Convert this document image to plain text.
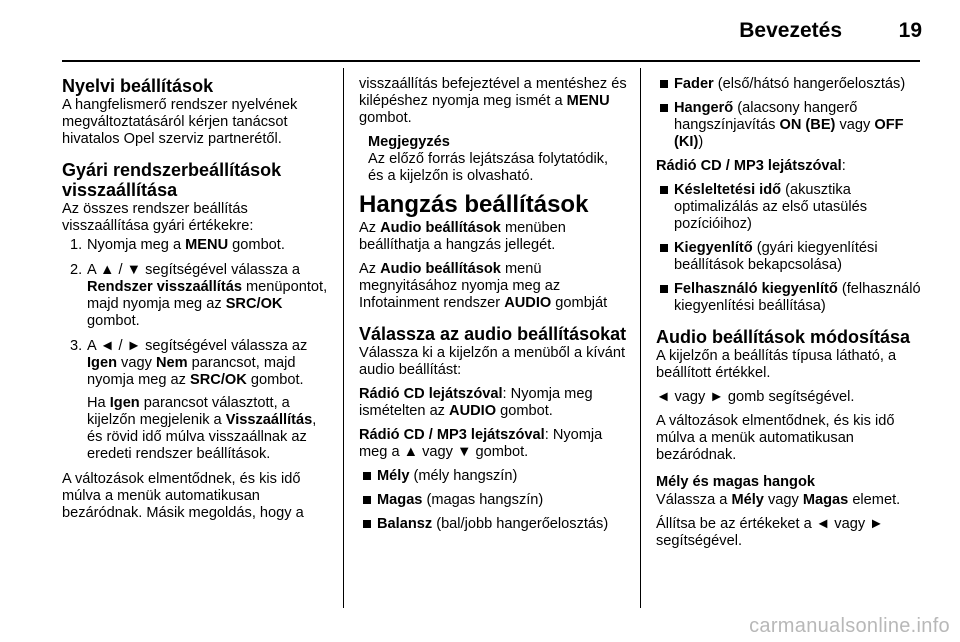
Bevezetés	19
Nyelvi beállítások

A hangfelismerő rendszer nyelvének megváltoztatásáról kérjen tanácsot hivatalos Opel szerviz partnerétől.

Gyári rendszerbeállítások visszaállítása

Az összes rendszer beállítás visszaállítása gyári értékekre:

1. Nyomja meg a MENU gombot.
2. A ▲ / ▼ segítségével válassza a Rendszer visszaállítás menüpontot, majd nyomja meg az SRC/OK gombot.
3. A ◄ / ► segítségével válassza az Igen vagy Nem parancsot, majd nyomja meg az SRC/OK gombot.

Ha Igen parancsot választott, a kijelzőn megjelenik a Visszaállítás, és rövid idő múlva visszaállnak az eredeti rendszer beállítások.

A változások elmentődnek, és kis idő múlva a menük automatikusan bezáródnak. Másik megoldás, hogy a

visszaállítás befejeztével a mentéshez és kilépéshez nyomja meg ismét a MENU gombot.

Megjegyzés
Az előző forrás lejátszása folytatódik, és a kijelzőn is olvasható.
Hangzás beállítások

Az Audio beállítások menüben beállíthatja a hangzás jellegét.

Az Audio beállítások menü megnyitásához nyomja meg az Infotainment rendszer AUDIO gombját

Válassza az audio beállításokat

Válassza ki a kijelzőn a menüből a kívánt audio beállítást:

Rádió CD lejátszóval: Nyomja meg ismételten az AUDIO gombot.

Rádió CD / MP3 lejátszóval: Nyomja meg a ▲ vagy ▼ gombot.

Mély (mély hangszín)
Magas (magas hangszín)
Balansz (bal/jobb hangerőelosztás)
Fader (első/hátsó hangerőelosztás)
Hangerő (alacsony hangerő hangszínjavítás ON (BE) vagy OFF (KI))

Rádió CD / MP3 lejátszóval:

Késleltetési idő (akusztika optimalizálás az első utasülés pozícióihoz)
Kiegyenlítő (gyári kiegyenlítési beállítások bekapcsolása)
Felhasználó kiegyenlítő (felhasználó kiegyenlítési beállítása)
Audio beállítások módosítása

A kijelzőn a beállítás típusa látható, a beállított értékkel.

◄ vagy ► gomb segítségével.

A változások elmentődnek, és kis idő múlva a menük automatikusan bezáródnak.

Mély és magas hangok

Válassza a Mély vagy Magas elemet.

Állítsa be az értékeket a ◄ vagy ► segítségével.

carmanualsonline.info
